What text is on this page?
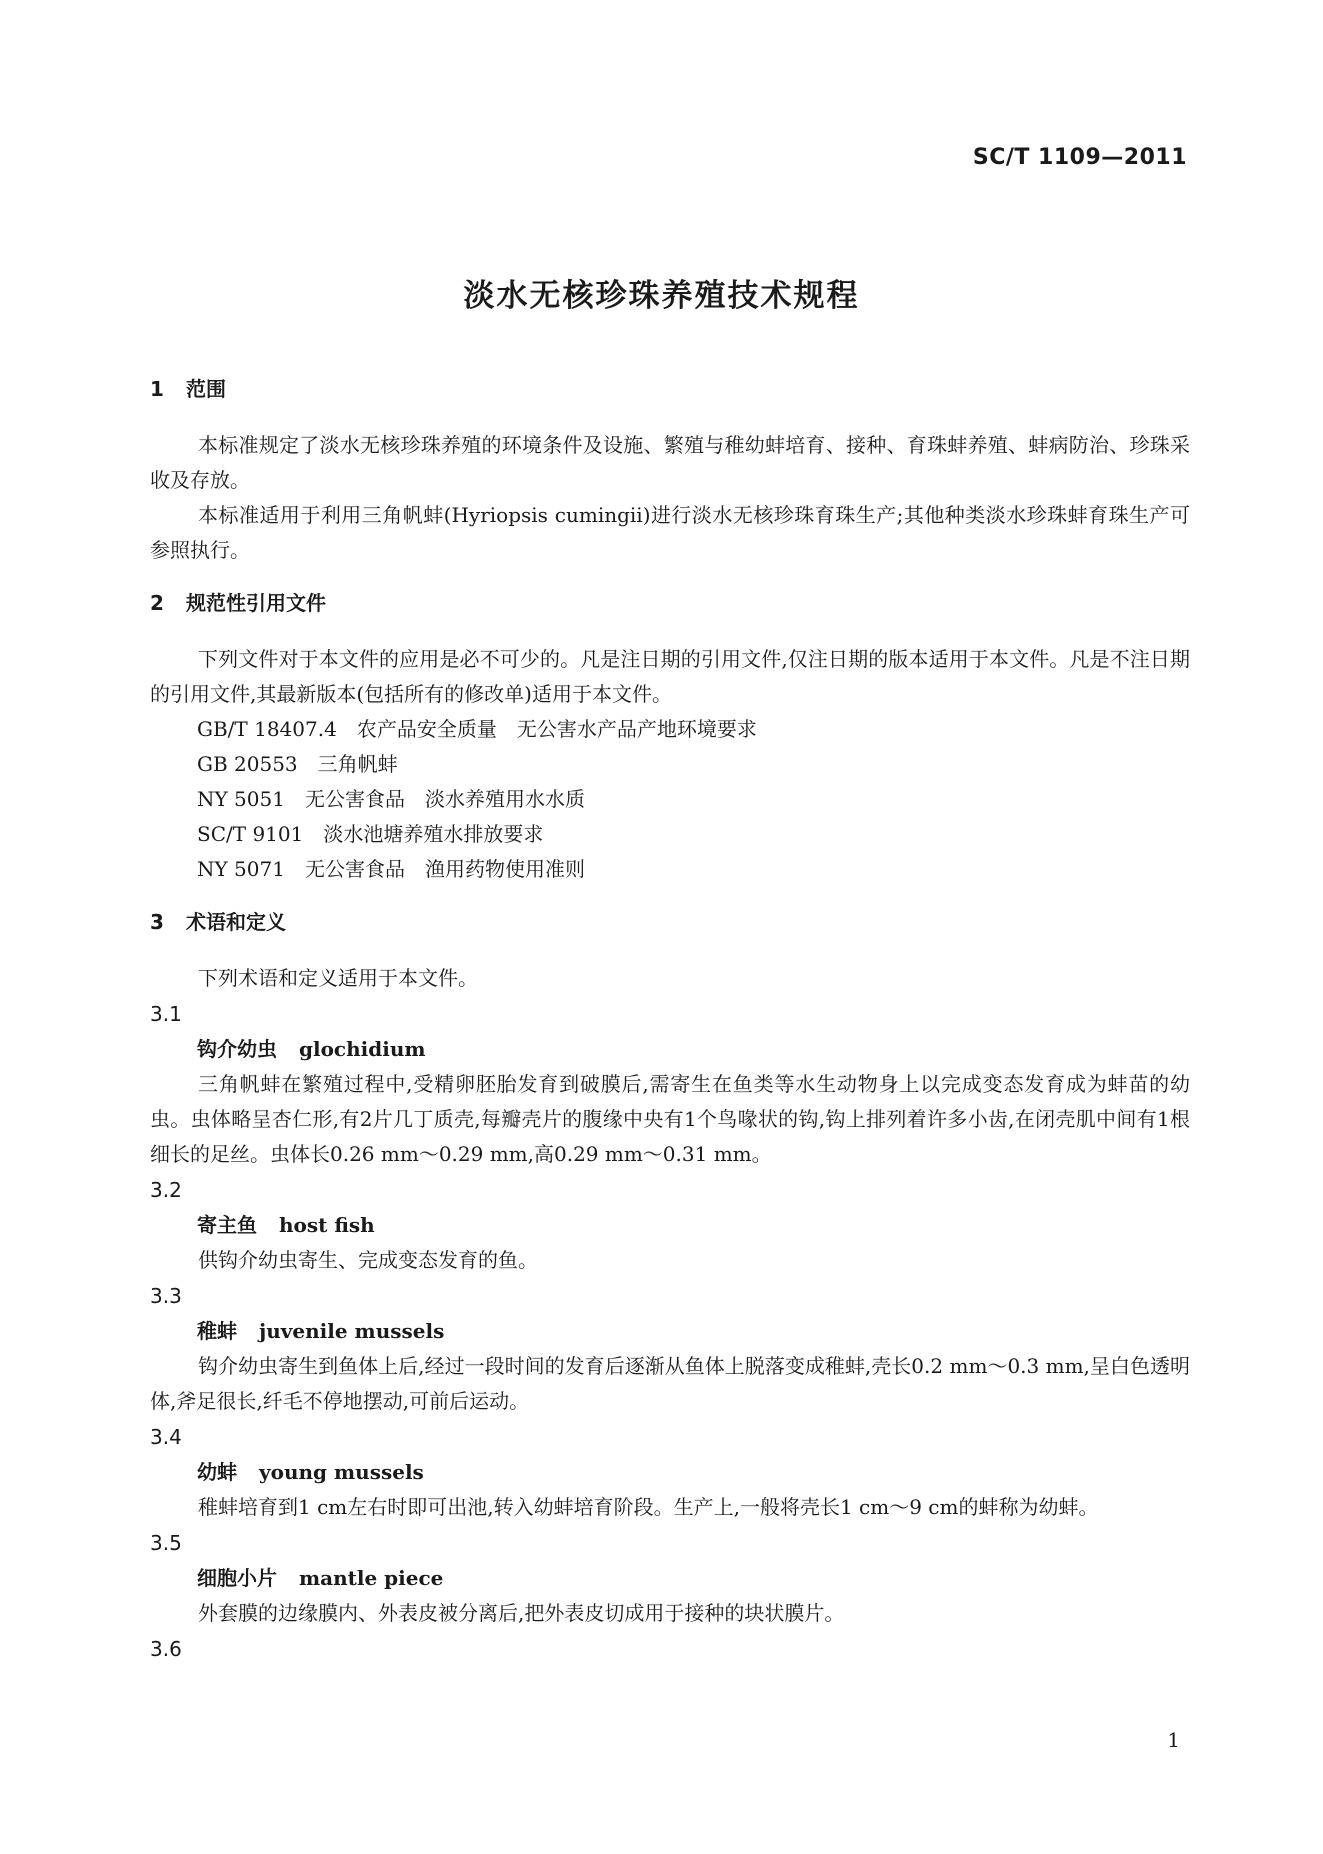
SC/T 1109—2011
淡水无核珍珠养殖技术规程
1 范围
本标准规定了淡水无核珍珠养殖的环境条件及设施、繁殖与稚幼蚌培育、接种、育珠蚌养殖、蚌病防治、珍珠采收及存放。
本标准适用于利用三角帆蚌(Hyriopsis cumingii)进行淡水无核珍珠育珠生产;其他种类淡水珍珠蚌育珠生产可参照执行。
2 规范性引用文件
下列文件对于本文件的应用是必不可少的。凡是注日期的引用文件,仅注日期的版本适用于本文件。凡是不注日期的引用文件,其最新版本(包括所有的修改单)适用于本文件。
GB/T 18407.4　农产品安全质量　无公害水产品产地环境要求
GB 20553　三角帆蚌
NY 5051　无公害食品　淡水养殖用水水质
SC/T 9101　淡水池塘养殖水排放要求
NY 5071　无公害食品　渔用药物使用准则
3 术语和定义
下列术语和定义适用于本文件。
3.1
钩介幼虫 glochidium
三角帆蚌在繁殖过程中,受精卵胚胎发育到破膜后,需寄生在鱼类等水生动物身上以完成变态发育成为蚌苗的幼虫。虫体略呈杏仁形,有2片几丁质壳,每瓣壳片的腹缘中央有1个鸟喙状的钩,钩上排列着许多小齿,在闭壳肌中间有1根细长的足丝。虫体长0.26 mm～0.29 mm,高0.29 mm～0.31 mm。
3.2
寄主鱼 host fish
供钩介幼虫寄生、完成变态发育的鱼。
3.3
稚蚌 juvenile mussels
钩介幼虫寄生到鱼体上后,经过一段时间的发育后逐渐从鱼体上脱落变成稚蚌,壳长0.2 mm～0.3 mm,呈白色透明体,斧足很长,纤毛不停地摆动,可前后运动。
3.4
幼蚌 young mussels
稚蚌培育到1 cm左右时即可出池,转入幼蚌培育阶段。生产上,一般将壳长1 cm～9 cm的蚌称为幼蚌。
3.5
细胞小片 mantle piece
外套膜的边缘膜内、外表皮被分离后,把外表皮切成用于接种的块状膜片。
3.6
1
